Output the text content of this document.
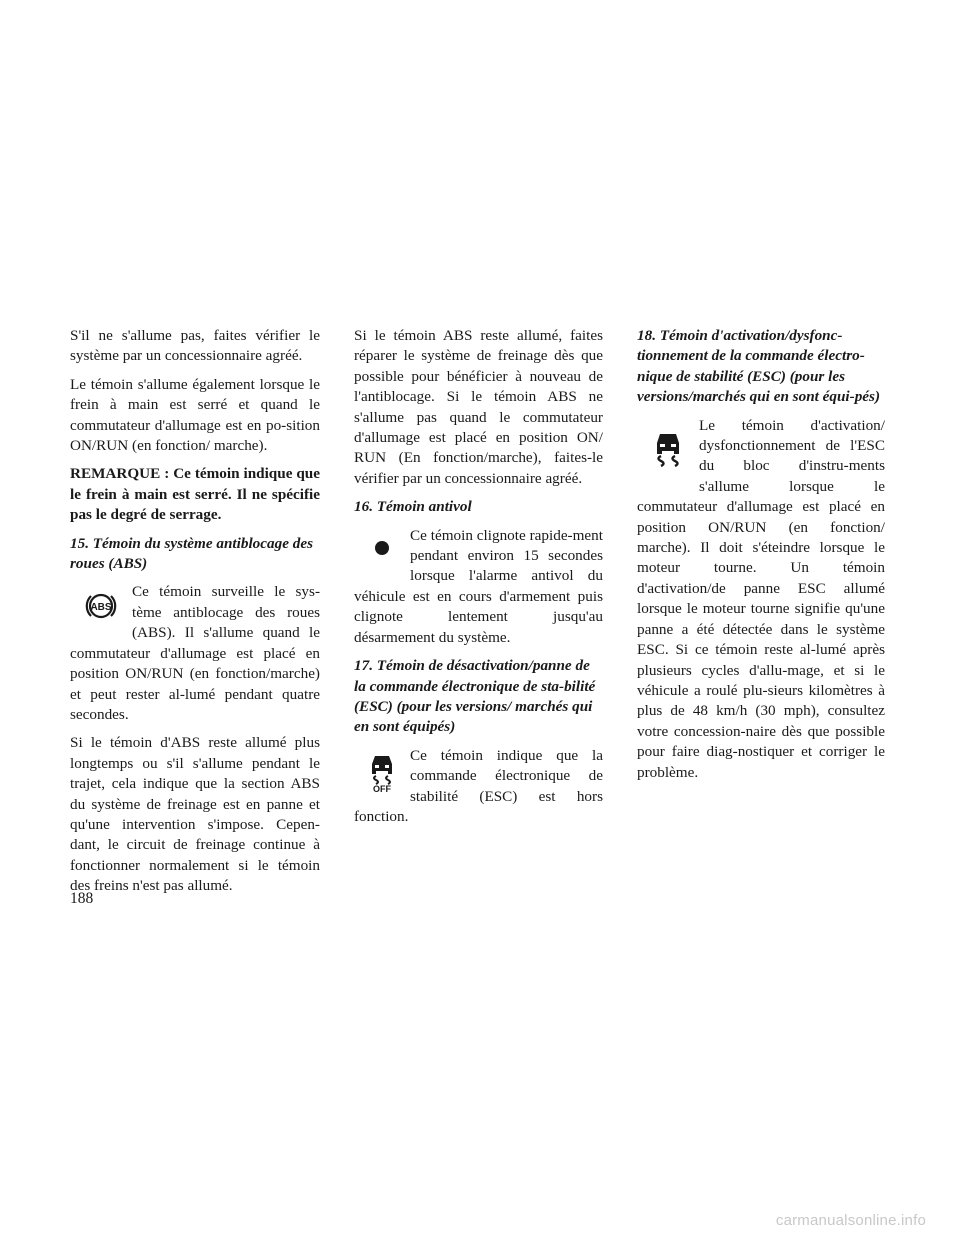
S'il ne s'allume pas, faites vérifier le système par un concessionnaire agréé.

Le témoin s'allume également lorsque le frein à main est serré et quand le commutateur d'allumage est en po-sition ON/RUN (en fonction/ marche).

REMARQUE : Ce témoin indique que le frein à main est serré. Il ne spécifie pas le degré de serrage.

15. Témoin du système antiblocage des roues (ABS)
ABS

Ce témoin surveille le sys-tème antiblocage des roues (ABS). Il s'allume quand le commutateur d'allumage est placé en position ON/RUN (en fonction/marche) et peut rester al-lumé pendant quatre secondes.

Si le témoin d'ABS reste allumé plus longtemps ou s'il s'allume pendant le trajet, cela indique que la section ABS du système de freinage est en panne et qu'une intervention s'impose. Cepen-dant, le circuit de freinage continue à fonctionner normalement si le témoin des freins n'est pas allumé.

Si le témoin ABS reste allumé, faites réparer le système de freinage dès que possible pour bénéficier à nouveau de l'antiblocage. Si le témoin ABS ne s'allume pas quand le commutateur d'allumage est placé en position ON/ RUN (En fonction/marche), faites-le vérifier par un concessionnaire agréé.

16. Témoin antivol

Ce témoin clignote rapide-ment pendant environ 15 secondes lorsque l'alarme antivol du véhicule est en cours d'armement puis clignote lentement jusqu'au désarmement du système.

17. Témoin de désactivation/panne de la commande électronique de sta-bilité (ESC) (pour les versions/ marchés qui en sont équipés)
OFF

Ce témoin indique que la commande électronique de stabilité (ESC) est hors fonction.

18. Témoin d'activation/dysfonc-tionnement de la commande électro-nique de stabilité (ESC) (pour les versions/marchés qui en sont équi-pés)

Le témoin d'activation/ dysfonctionnement de l'ESC du bloc d'instru-ments s'allume lorsque le commutateur d'allumage est placé en position ON/RUN (en fonction/ marche). Il doit s'éteindre lorsque le moteur tourne. Un témoin d'activation/de panne ESC allumé lorsque le moteur tourne signifie qu'une panne a été détectée dans le système ESC. Si ce témoin reste al-lumé après plusieurs cycles d'allu-mage, et si le véhicule a roulé plu-sieurs kilomètres à plus de 48 km/h (30 mph), consultez votre concession-naire dès que possible pour faire diag-nostiquer et corriger le problème.

188
carmanualsonline.info
